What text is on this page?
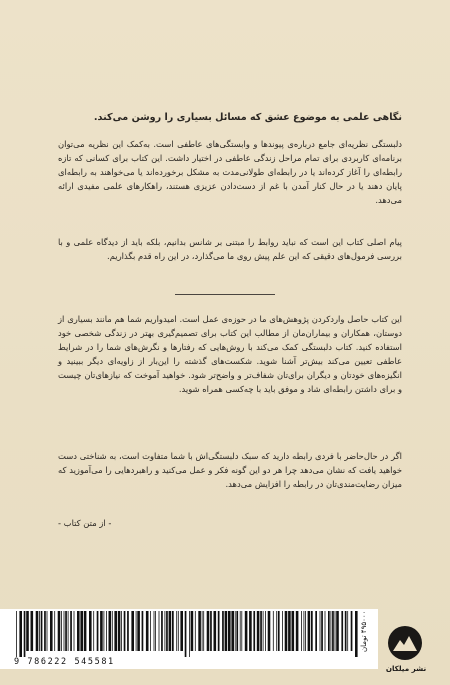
نگاهی علمی به موضوع عشق که مسائل بسیاری را روشن می‌کند.

دلبستگی نظریه‌ای جامع درباره‌ی پیوندها و وابستگی‌های عاطفی است. به‌کمک این نظریه می‌توان برنامه‌ای کاربردی برای تمام مراحل زندگی عاطفی در اختیار داشت. این کتاب برای کسانی که تازه رابطه‌ای را آغاز کرده‌اند یا در رابطه‌ای طولانی‌مدت به مشکل برخورده‌اند یا می‌خواهند به رابطه‌ای پایان دهند یا در حال کنار آمدن با غم از دست‌دادن عزیزی هستند، راهکارهای علمی مفیدی ارائه می‌دهد.

پیام اصلی کتاب این است که نباید روابط را مبتنی بر شانس بدانیم، بلکه باید از دیدگاه علمی و با بررسی فرمول‌های دقیقی که این علم پیش روی ما می‌گذارد، در این راه قدم بگذاریم.

این کتاب حاصل واردکردن پژوهش‌های ما در حوزه‌ی عمل است. امیدواریم شما هم مانند بسیاری از دوستان، همکاران و بیماران‌مان از مطالب این کتاب برای تصمیم‌گیری بهتر در زندگی شخصی خود استفاده کنید. کتاب دلبستگی کمک می‌کند با روش‌هایی که رفتارها و نگرش‌های شما را در شرایط عاطفی تعیین می‌کند بیش‌تر آشنا شوید. شکست‌های گذشته را این‌بار از زاویه‌ای دیگر ببینید و انگیزه‌های خودتان و دیگران برای‌تان شفاف‌تر و واضح‌تر شود. خواهید آموخت که نیازهای‌تان چیست و برای داشتن رابطه‌ای شاد و موفق باید با چه‌کسی همراه شوید.

اگر در حال‌حاضر با فردی رابطه دارید که سبک دلبستگی‌اش با شما متفاوت است، به شناختی دست خواهید یافت که نشان می‌دهد چرا هر دو این گونه فکر و عمل می‌کنید و راهبردهایی را می‌آموزید که میزان رضایت‌مندی‌تان در رابطه را افزایش می‌دهد.

- از متن کتاب -
9 786222 545581
۴۹۵۰۰۰ تومان
نشر میلکان
